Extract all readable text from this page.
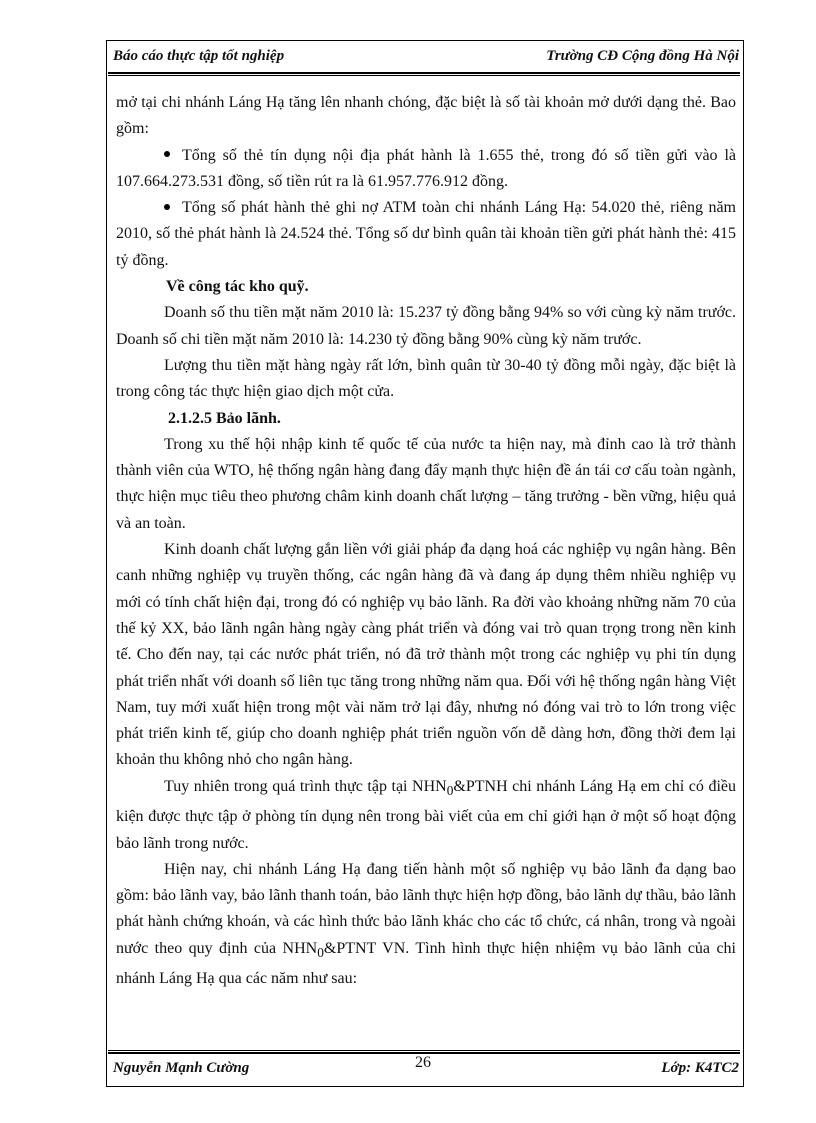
Báo cáo thực tập tốt nghiệp	Trường CĐ Cộng đồng Hà Nội

mở tại chi nhánh Láng Hạ tăng lên nhanh chóng, đặc biệt là số tài khoản mở dưới dạng thẻ. Bao gồm:

Tổng số thẻ tín dụng nội địa phát hành là 1.655 thẻ, trong đó số tiền gửi vào là 107.664.273.531 đồng, số tiền rút ra là 61.957.776.912 đồng.

Tổng số phát hành thẻ ghi nợ ATM toàn chi nhánh Láng Hạ: 54.020 thẻ, riêng năm 2010, số thẻ phát hành là 24.524 thẻ. Tổng số dư bình quân tài khoản tiền gửi phát hành thẻ: 415 tỷ đồng.

Về công tác kho quỹ.

Doanh số thu tiền mặt năm 2010 là: 15.237 tỷ đồng bằng 94% so với cùng kỳ năm trước. Doanh số chi tiền mặt năm 2010 là: 14.230 tỷ đồng bằng 90% cùng kỳ năm trước.

Lượng thu tiền mặt hàng ngày rất lớn, bình quân từ 30-40 tỷ đồng mỗi ngày, đặc biệt là trong công tác thực hiện giao dịch một cửa.

2.1.2.5 Bảo lãnh.

Trong xu thế hội nhập kinh tế quốc tế của nước ta hiện nay, mà đỉnh cao là trở thành thành viên của WTO, hệ thống ngân hàng đang đẩy mạnh thực hiện đề án tái cơ cấu toàn ngành, thực hiện mục tiêu theo phương châm kinh doanh chất lượng – tăng trưởng - bền vững, hiệu quả và an toàn.

Kinh doanh chất lượng gắn liền với giải pháp đa dạng hoá các nghiệp vụ ngân hàng. Bên canh những nghiệp vụ truyền thống, các ngân hàng đã và đang áp dụng thêm nhiều nghiệp vụ mới có tính chất hiện đại, trong đó có nghiệp vụ bảo lãnh. Ra đời vào khoảng những năm 70 của thế kỷ XX, bảo lãnh ngân hàng ngày càng phát triển và đóng vai trò quan trọng trong nền kinh tế. Cho đến nay, tại các nước phát triển, nó đã trở thành một trong các nghiệp vụ phi tín dụng phát triển nhất với doanh số liên tục tăng trong những năm qua. Đối với hệ thống ngân hàng Việt Nam, tuy mới xuất hiện trong một vài năm trở lại đây, nhưng nó đóng vai trò to lớn trong việc phát triển kinh tế, giúp cho doanh nghiệp phát triển nguồn vốn dễ dàng hơn, đồng thời đem lại khoản thu không nhỏ cho ngân hàng.

Tuy nhiên trong quá trình thực tập tại $NHN_0\&PTNH$ chi nhánh Láng Hạ em chỉ có điều kiện được thực tập ở phòng tín dụng nên trong bài viết của em chỉ giới hạn ở một số hoạt động bảo lãnh trong nước.

Hiện nay, chi nhánh Láng Hạ đang tiến hành một số nghiệp vụ bảo lãnh đa dạng bao gồm: bảo lãnh vay, bảo lãnh thanh toán, bảo lãnh thực hiện hợp đồng, bảo lãnh dự thầu, bảo lãnh phát hành chứng khoán, và các hình thức bảo lãnh khác cho các tổ chức, cá nhân, trong và ngoài nước theo quy định của $NHN_0\&PTNT$ VN. Tình hình thực hiện nhiệm vụ bảo lãnh của chi nhánh Láng Hạ qua các năm như sau:

Nguyễn Mạnh Cường	26	Lớp: K4TC2
